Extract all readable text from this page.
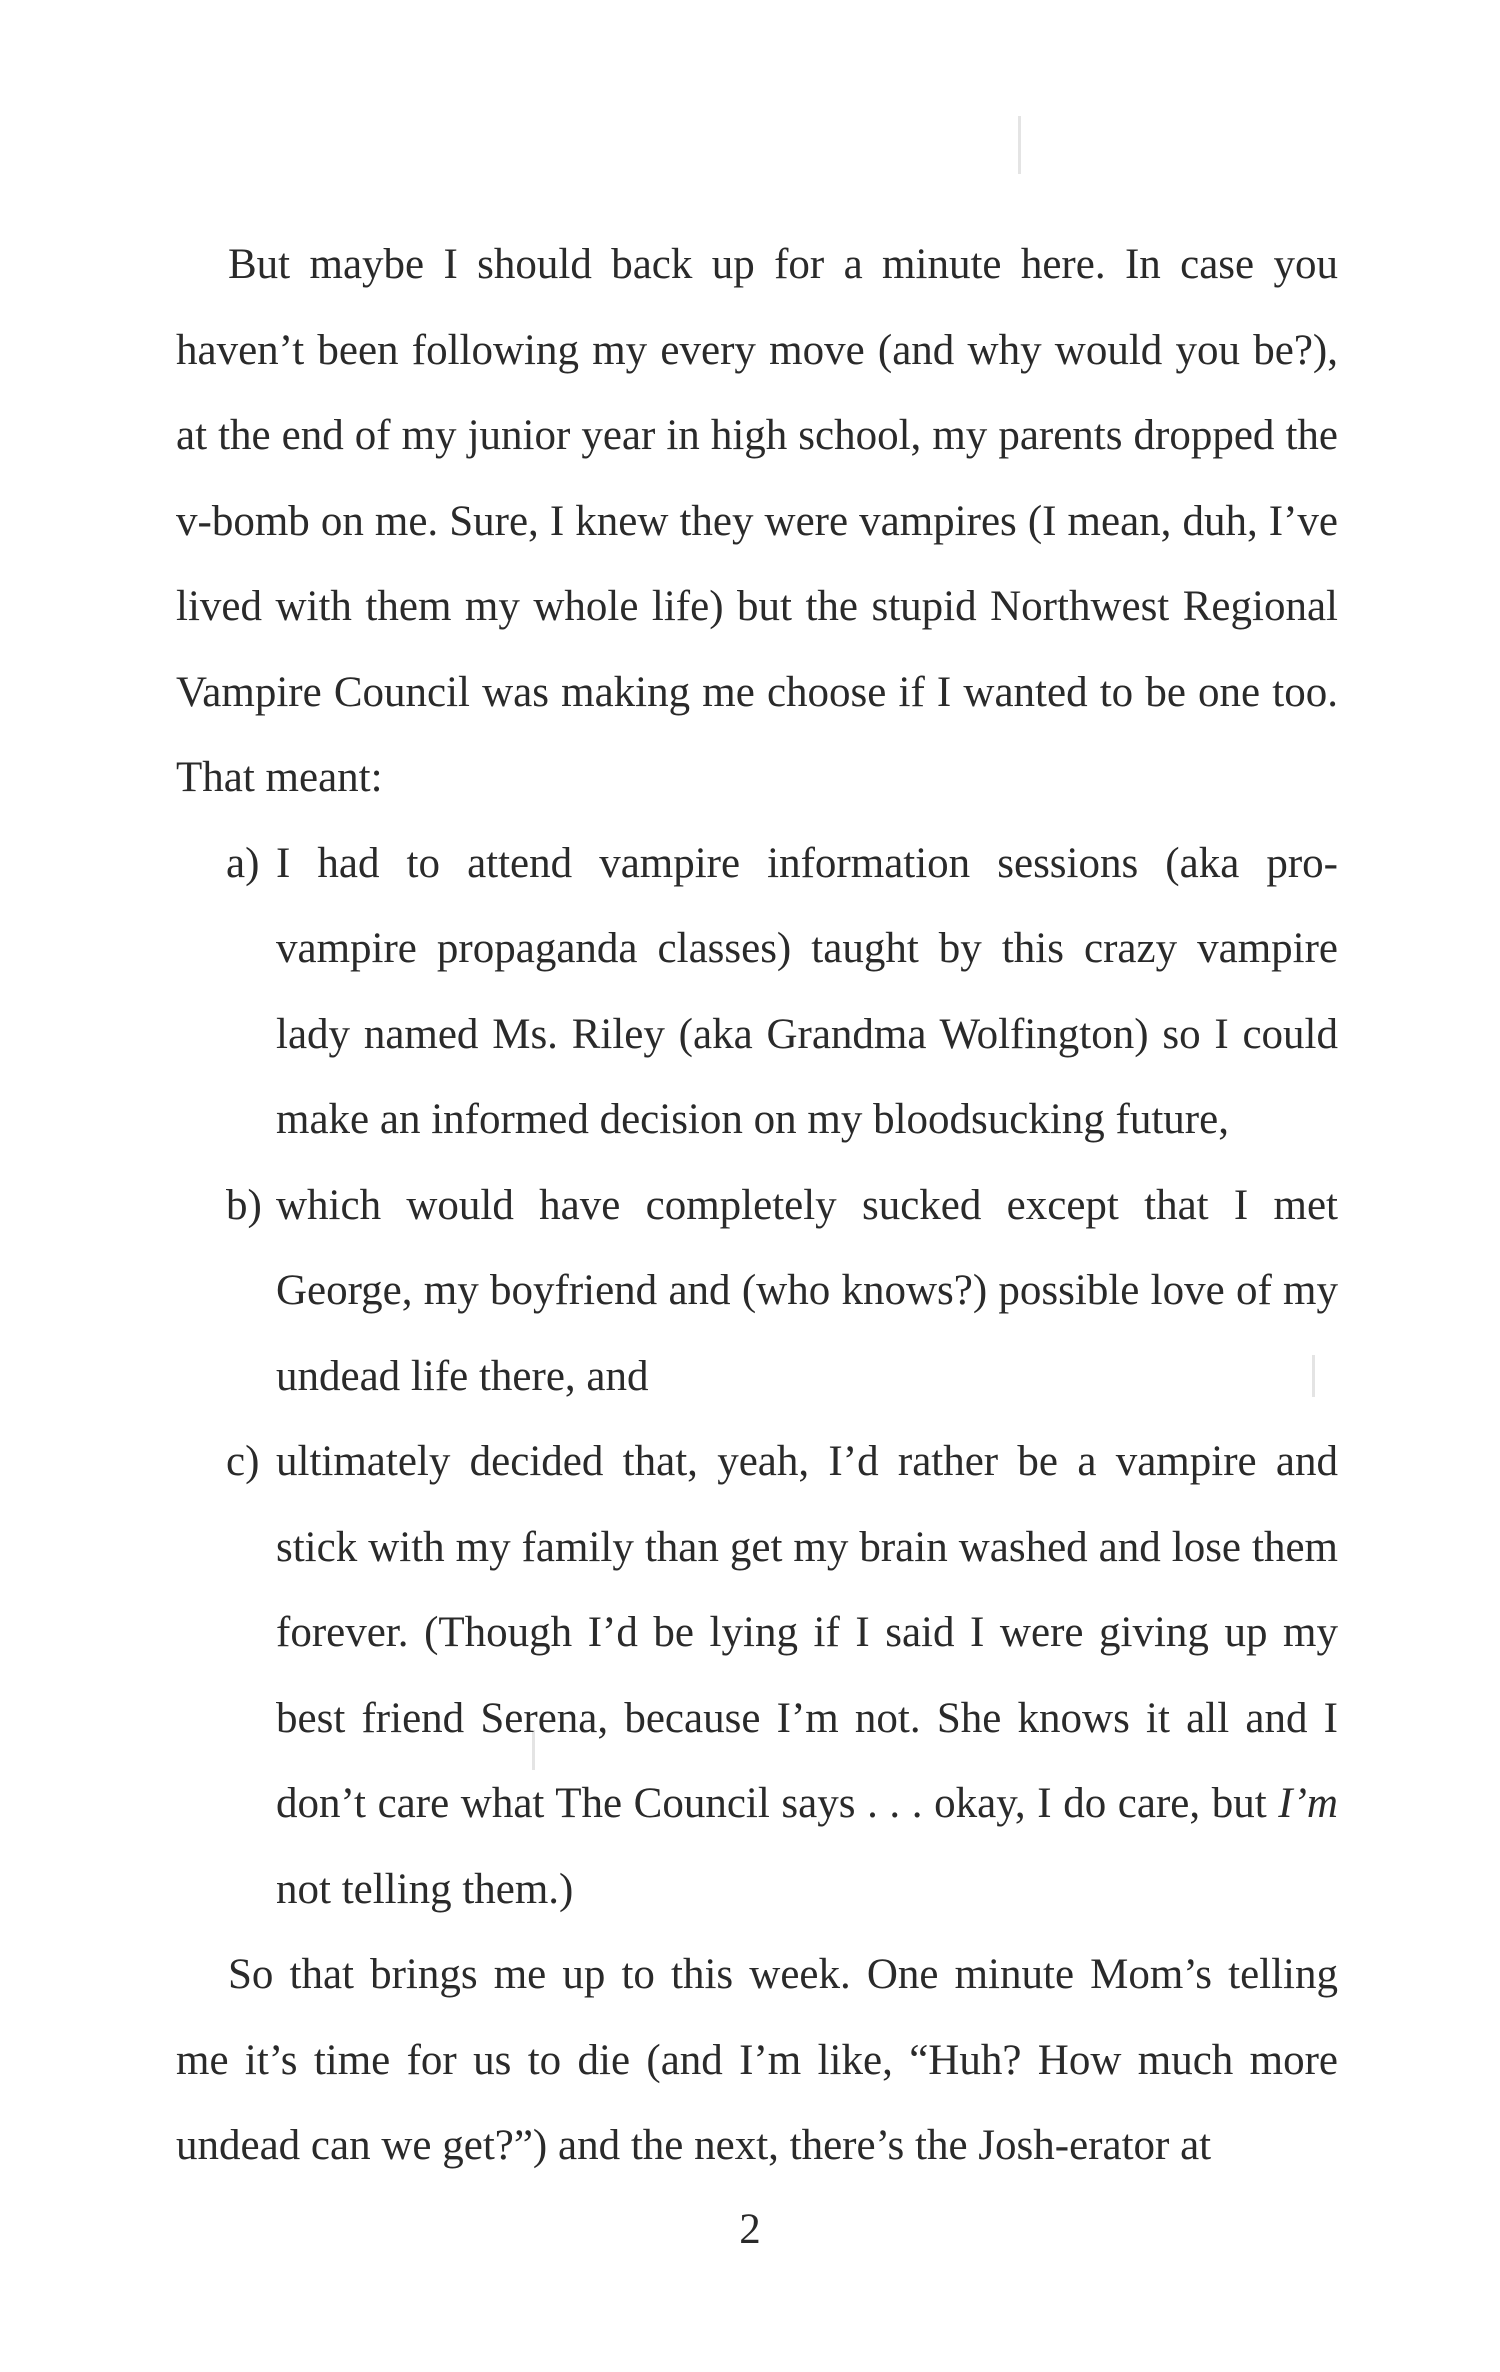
But maybe I should back up for a minute here. In case you haven’t been following my every move (and why would you be?), at the end of my junior year in high school, my parents dropped the v-bomb on me. Sure, I knew they were vampires (I mean, duh, I’ve lived with them my whole life) but the stupid Northwest Regional Vampire Council was making me choose if I wanted to be one too. That meant:

a) I had to attend vampire information sessions (aka pro-vampire propaganda classes) taught by this crazy vampire lady named Ms. Riley (aka Grandma Wolfington) so I could make an informed decision on my bloodsucking future,
b) which would have completely sucked except that I met George, my boyfriend and (who knows?) possible love of my undead life there, and
c) ultimately decided that, yeah, I’d rather be a vampire and stick with my family than get my brain washed and lose them forever. (Though I’d be lying if I said I were giving up my best friend Serena, because I’m not. She knows it all and I don’t care what The Council says . . . okay, I do care, but I’m not telling them.)

So that brings me up to this week. One minute Mom’s telling me it’s time for us to die (and I’m like, “Huh? How much more undead can we get?”) and the next, there’s the Josh-erator at

2
